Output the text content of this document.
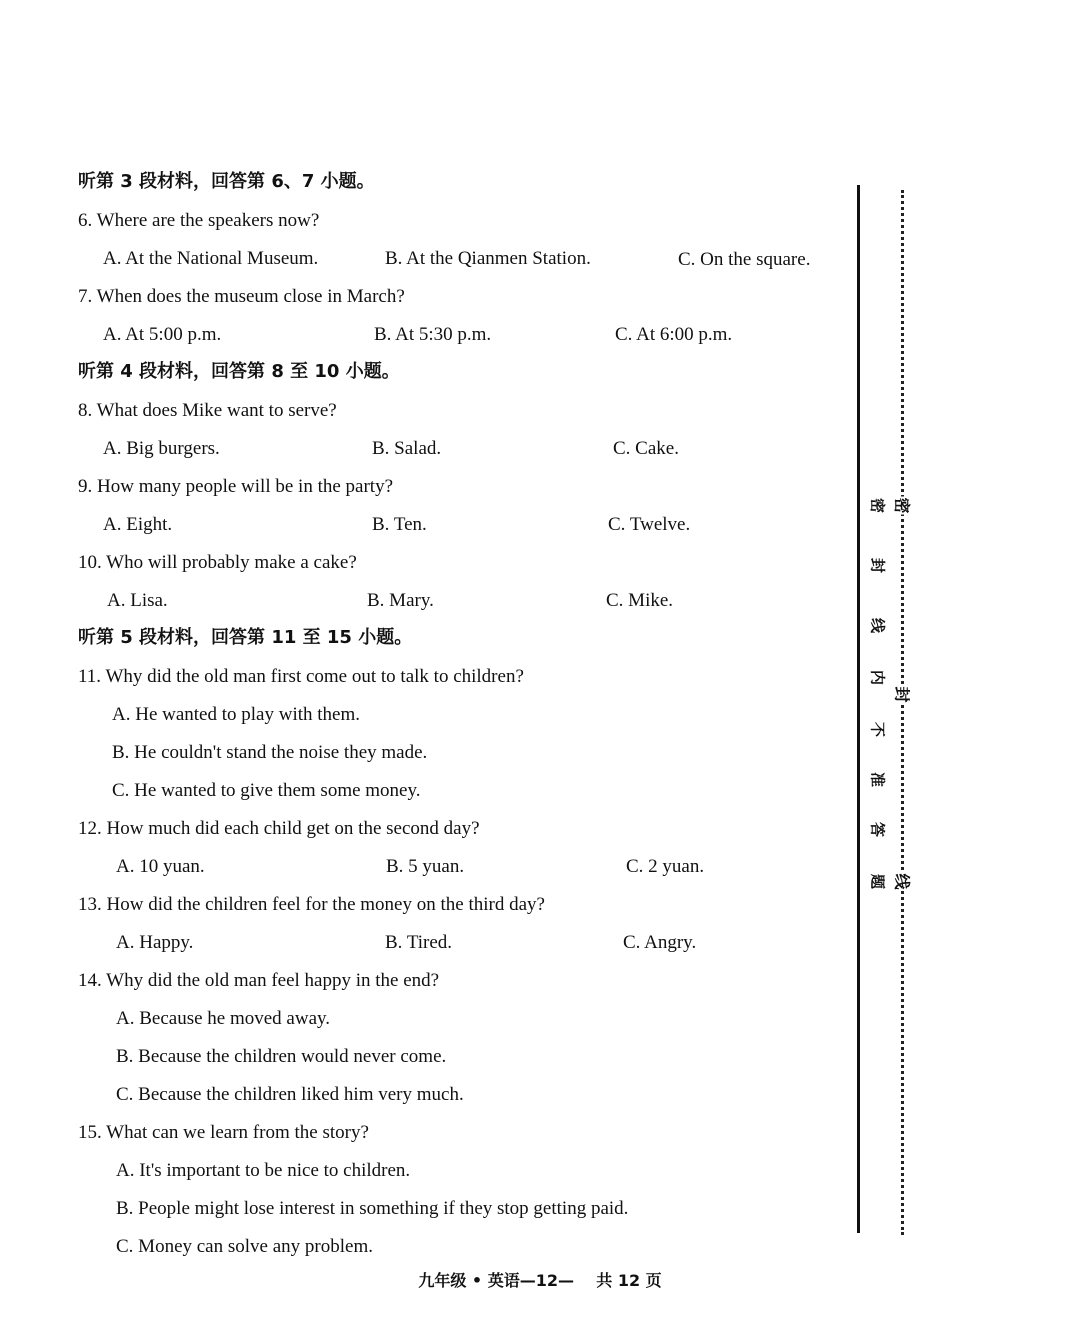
听第 3 段材料，回答第 6、7 小题。
6. Where are the speakers now?
A. At the National Museum.	B. At the Qianmen Station.	C. On the square.
7. When does the museum close in March?
A. At 5:00 p.m.	B. At 5:30 p.m.	C. At 6:00 p.m.
听第 4 段材料，回答第 8 至 10 小题。
8. What does Mike want to serve?
A. Big burgers.	B. Salad.	C. Cake.
9. How many people will be in the party?
A. Eight.	B. Ten.	C. Twelve.
10. Who will probably make a cake?
A. Lisa.	B. Mary.	C. Mike.
听第 5 段材料，回答第 11 至 15 小题。
11. Why did the old man first come out to talk to children?
A. He wanted to play with them.
B. He couldn't stand the noise they made.
C. He wanted to give them some money.
12. How much did each child get on the second day?
A. 10 yuan.	B. 5 yuan.	C. 2 yuan.
13. How did the children feel for the money on the third day?
A. Happy.	B. Tired.	C. Angry.
14. Why did the old man feel happy in the end?
A. Because he moved away.
B. Because the children would never come.
C. Because the children liked him very much.
15. What can we learn from the story?
A. It's important to be nice to children.
B. People might lose interest in something if they stop getting paid.
C. Money can solve any problem.
九年级 • 英语—12— 共 12 页
密
封
线
内
不
准
答
题
密
封
线
